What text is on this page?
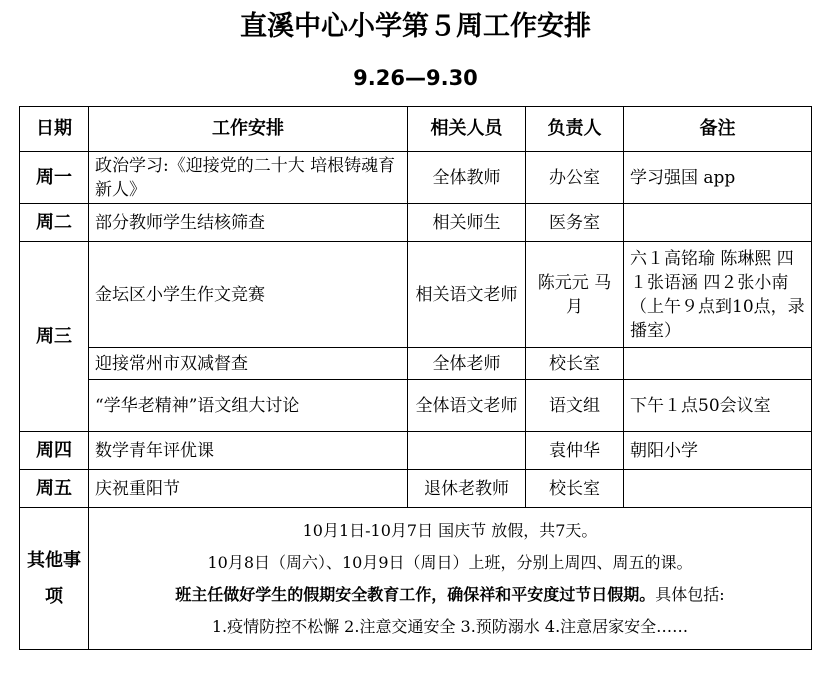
直溪中心小学第５周工作安排
9.26—9.30
日期	工作安排	相关人员	负责人	备注
周一	政治学习:《迎接党的二十大 培根铸魂育新人》	全体教师	办公室	学习强国 app
周二	部分教师学生结核筛查	相关师生	医务室	
周三	金坛区小学生作文竞赛	相关语文老师	陈元元 马 月	六１高铭瑜 陈琳熙 四１张语涵 四２张小南 （上午９点到10点，录播室）
	迎接常州市双减督查	全体老师	校长室	
	“学华老精神”语文组大讨论	全体语文老师	语文组	下午１点50会议室
周四	数学青年评优课		袁仲华	朝阳小学
周五	庆祝重阳节	退休老教师	校长室	
其他事项	10月1日-10月7日 国庆节 放假，共7天。
10月8日（周六）、10月9日（周日）上班，分别上周四、周五的课。
班主任做好学生的假期安全教育工作，确保祥和平安度过节日假期。具体包括:
1.疫情防控不松懈 2.注意交通安全 3.预防溺水 4.注意居家安全……			
